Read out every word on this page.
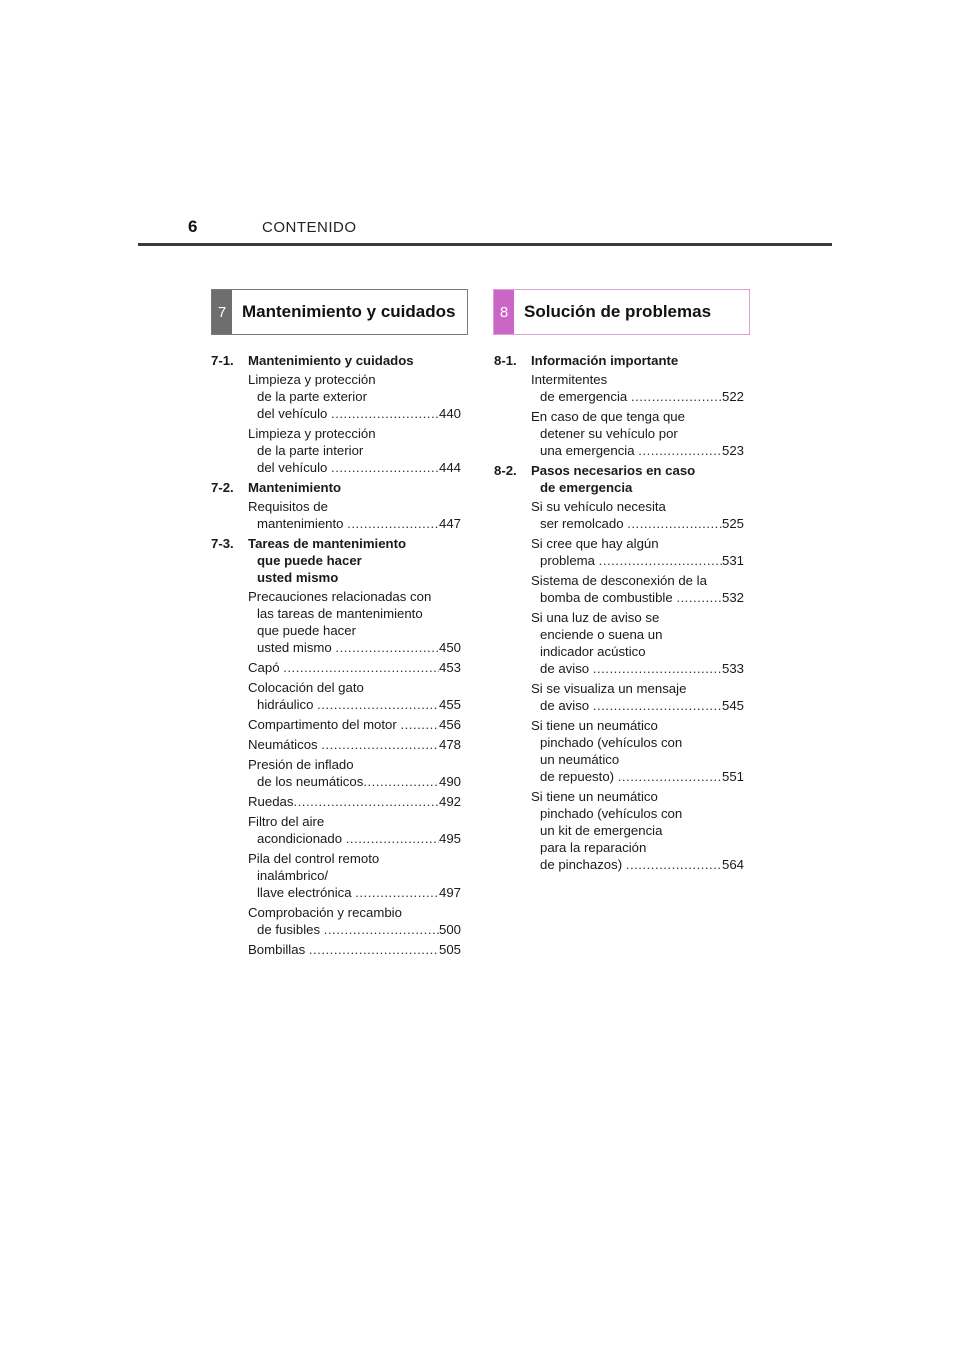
6	CONTENIDO
7 Mantenimiento y cuidados	8 Solución de problemas
7-1.	Mantenimiento y cuidados
Limpieza y protección
de la parte exterior
del vehículo .....	440
Limpieza y protección
de la parte interior
del vehículo .....	444
7-2.	Mantenimiento
Requisitos de
mantenimiento .....	447
7-3.	Tareas de mantenimiento
que puede hacer
usted mismo
Precauciones relacionadas con
las tareas de mantenimiento
que puede hacer
usted mismo .....	450
Capó .....	453
Colocación del gato
hidráulico .....	455
Compartimento del motor .....	456
Neumáticos .....	478
Presión de inflado
de los neumáticos .....	490
Ruedas .....	492
Filtro del aire
acondicionado .....	495
Pila del control remoto
inalámbrico/
llave electrónica .....	497
Comprobación y recambio
de fusibles .....	500
Bombillas .....	505
8-1.	Información importante
Intermitentes
de emergencia .....	522
En caso de que tenga que
detener su vehículo por
una emergencia .....	523
8-2.	Pasos necesarios en caso
de emergencia
Si su vehículo necesita
ser remolcado .....	525
Si cree que hay algún
problema .....	531
Sistema de desconexión de la
bomba de combustible .....	532
Si una luz de aviso se
enciende o suena un
indicador acústico
de aviso .....	533
Si se visualiza un mensaje
de aviso .....	545
Si tiene un neumático
pinchado (vehículos con
un neumático
de repuesto) .....	551
Si tiene un neumático
pinchado (vehículos con
un kit de emergencia
para la reparación
de pinchazos) .....	564
